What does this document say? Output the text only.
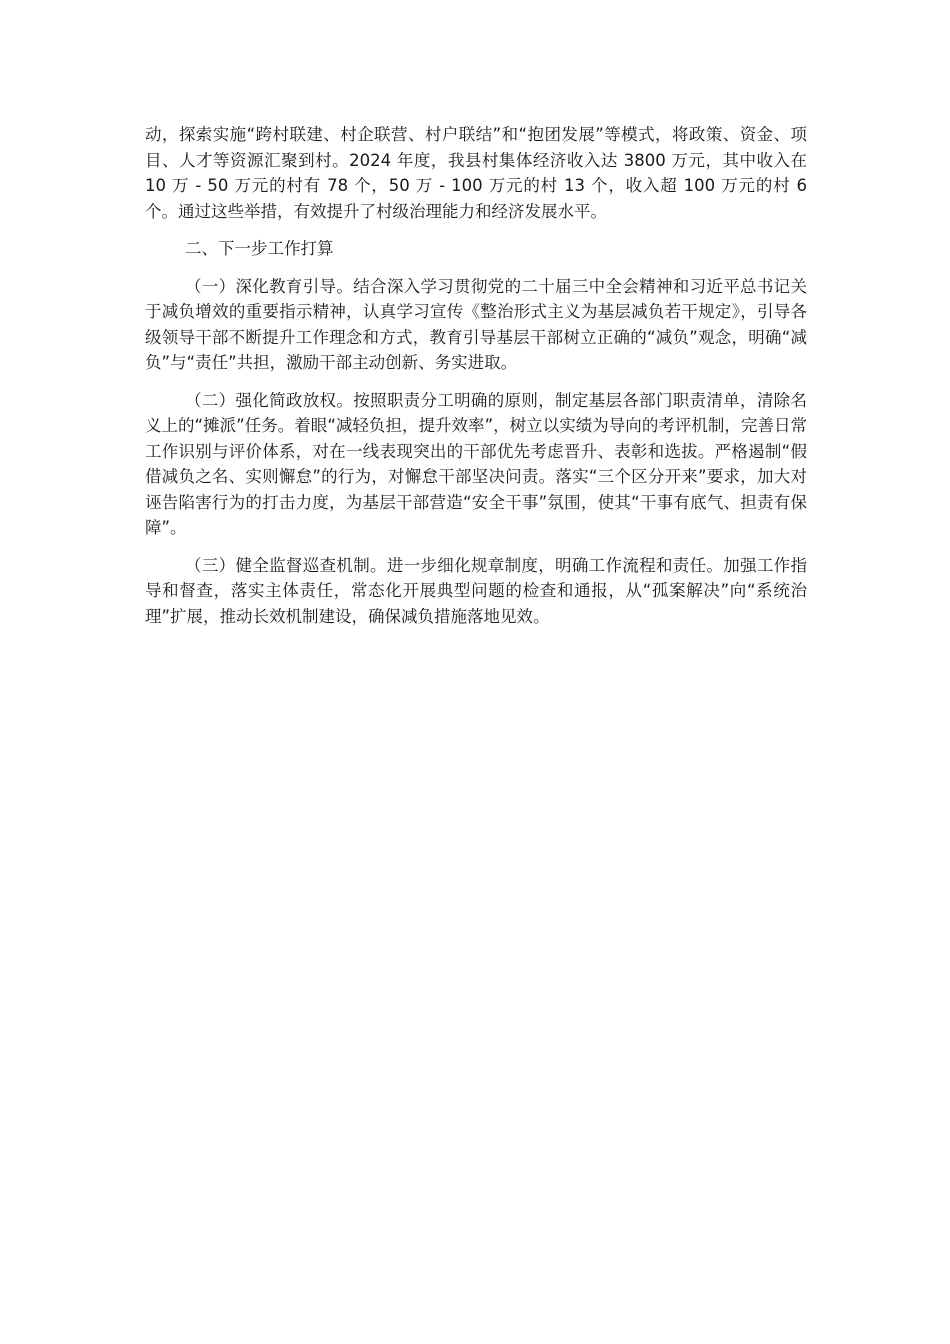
动，探索实施“跨村联建、村企联营、村户联结”和“抱团发展”等模式，将政策、资金、项目、人才等资源汇聚到村。2024 年度，我县村集体经济收入达 3800 万元，其中收入在 10 万 - 50 万元的村有 78 个，50 万 - 100 万元的村 13 个，收入超 100 万元的村 6 个。通过这些举措，有效提升了村级治理能力和经济发展水平。

二、下一步工作打算

（一）深化教育引导。结合深入学习贯彻党的二十届三中全会精神和习近平总书记关于减负增效的重要指示精神，认真学习宣传《整治形式主义为基层减负若干规定》，引导各级领导干部不断提升工作理念和方式，教育引导基层干部树立正确的“减负”观念，明确“减负”与“责任”共担，激励干部主动创新、务实进取。

（二）强化简政放权。按照职责分工明确的原则，制定基层各部门职责清单，清除名义上的“摊派”任务。着眼“减轻负担，提升效率”，树立以实绩为导向的考评机制，完善日常工作识别与评价体系，对在一线表现突出的干部优先考虑晋升、表彰和选拔。严格遏制“假借减负之名、实则懈怠”的行为，对懈怠干部坚决问责。落实“三个区分开来”要求，加大对诬告陷害行为的打击力度，为基层干部营造“安全干事”氛围，使其“干事有底气、担责有保障”。

（三）健全监督巡查机制。进一步细化规章制度，明确工作流程和责任。加强工作指导和督查，落实主体责任，常态化开展典型问题的检查和通报，从“孤案解决”向“系统治理”扩展，推动长效机制建设，确保减负措施落地见效。
